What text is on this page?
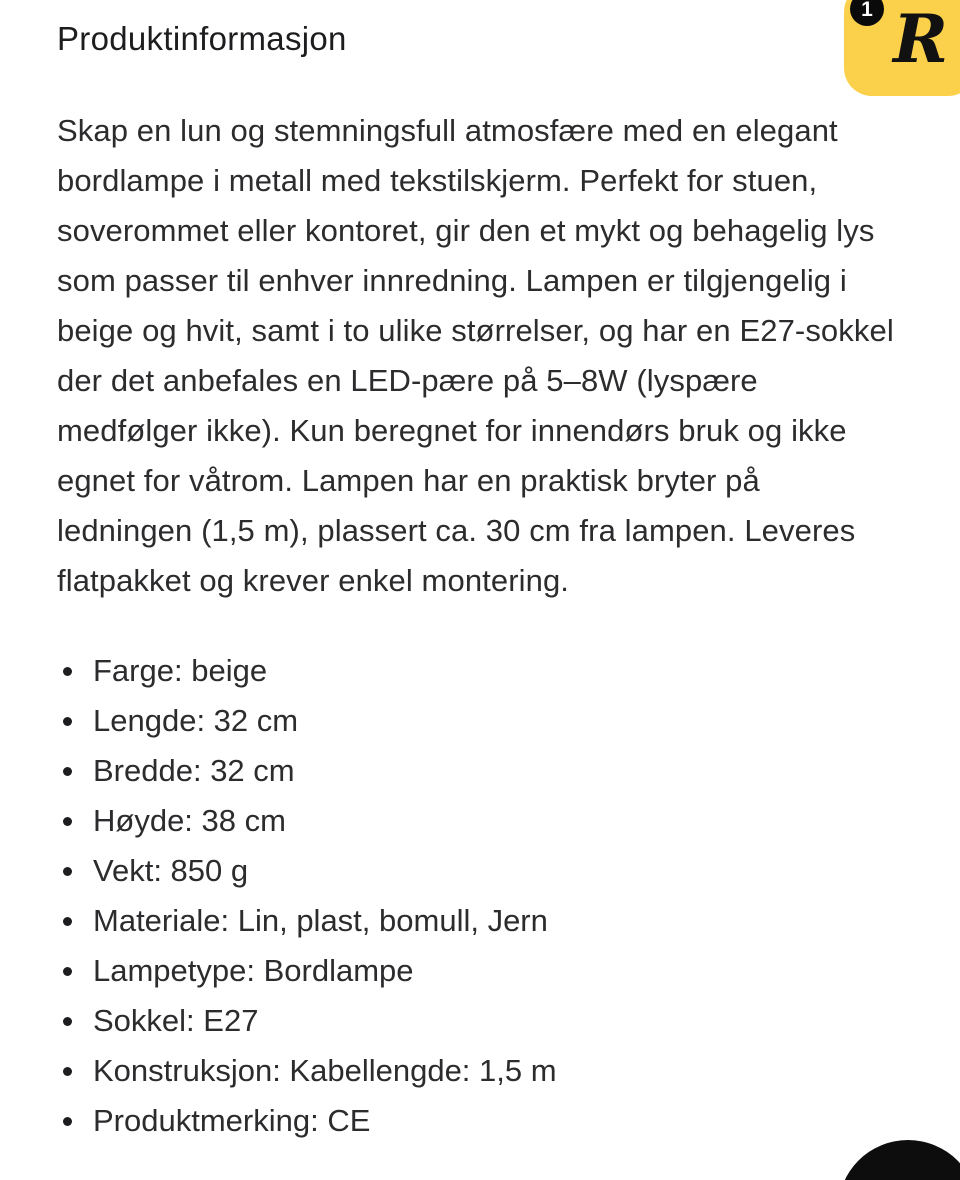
Produktinformasjon

Skap en lun og stemningsfull atmosfære med en elegant bordlampe i metall med tekstilskjerm. Perfekt for stuen, soverommet eller kontoret, gir den et mykt og behagelig lys som passer til enhver innredning. Lampen er tilgjengelig i beige og hvit, samt i to ulike størrelser, og har en E27-sokkel der det anbefales en LED-pære på 5–8W (lyspære medfølger ikke). Kun beregnet for innendørs bruk og ikke egnet for våtrom. Lampen har en praktisk bryter på ledningen (1,5 m), plassert ca. 30 cm fra lampen. Leveres flatpakket og krever enkel montering.

Farge: beige
Lengde: 32 cm
Bredde: 32 cm
Høyde: 38 cm
Vekt: 850 g
Materiale: Lin, plast, bomull, Jern
Lampetype: Bordlampe
Sokkel: E27
Konstruksjon: Kabellengde: 1,5 m
Produktmerking: CE
R
1
